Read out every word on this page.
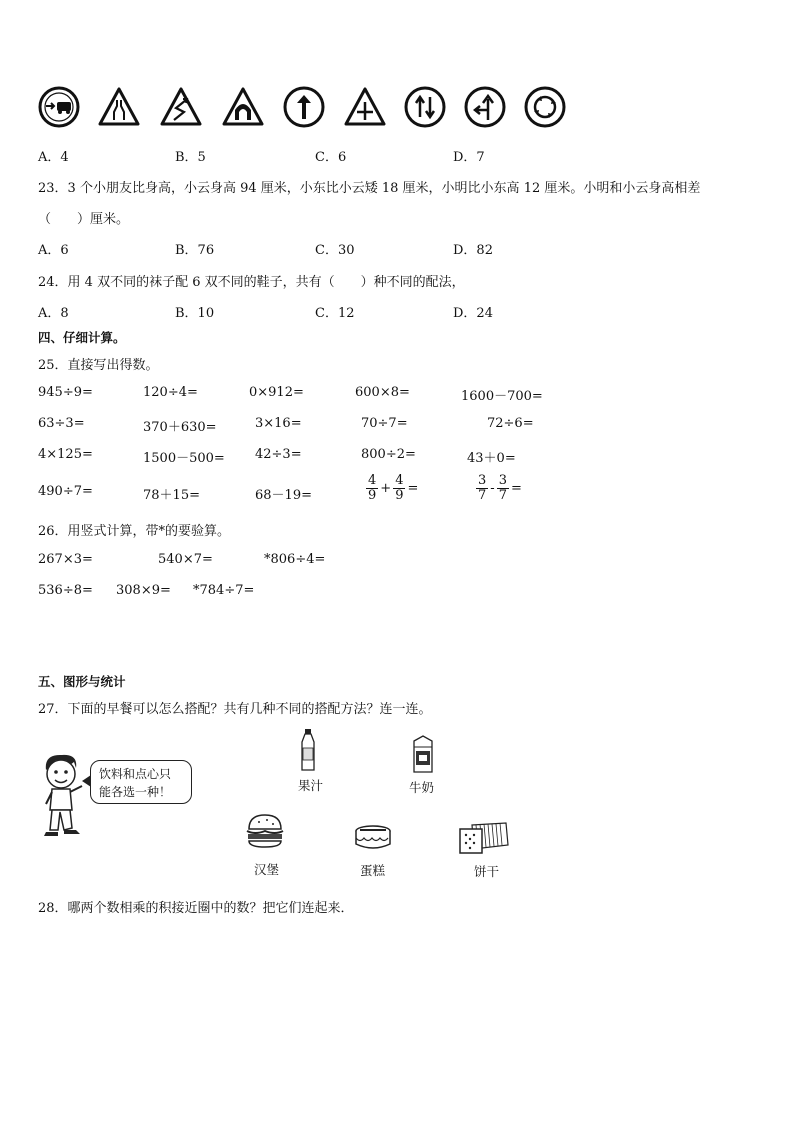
A．4	B．5	C．6	D．7
23．3 个小朋友比身高，小云身高 94 厘米，小东比小云矮 18 厘米，小明比小东高 12 厘米。小明和小云身高相差
（　　）厘米。
A．6	B．76	C．30	D．82
24．用 4 双不同的袜子配 6 双不同的鞋子，共有（　　）种不同的配法，
A．8	B．10	C．12	D．24
四、仔细计算。
25．直接写出得数。
945÷9=	120÷4=	0×912=	600×8=	1600－700=
63÷3=	370＋630=	3×16=	70÷7=	72÷6=
4×125=	1500－500= 42÷3=	800÷2=	43＋0=
490÷7=	78＋15=	68－19=	$\frac{4}{9} + \frac{4}{9}$ =	$\frac{3}{7} - \frac{3}{7}$ =
26．用竖式计算，带*的要验算。
267×3=	540×7=	*806÷4=
536÷8= 308×9= *784÷7=
五、图形与统计
27．下面的早餐可以怎么搭配？共有几种不同的搭配方法？连一连。
饮料和点心只
能各选一种！	果汁	牛奶
汉堡	蛋糕	饼干
28．哪两个数相乘的积接近圈中的数？把它们连起来．
